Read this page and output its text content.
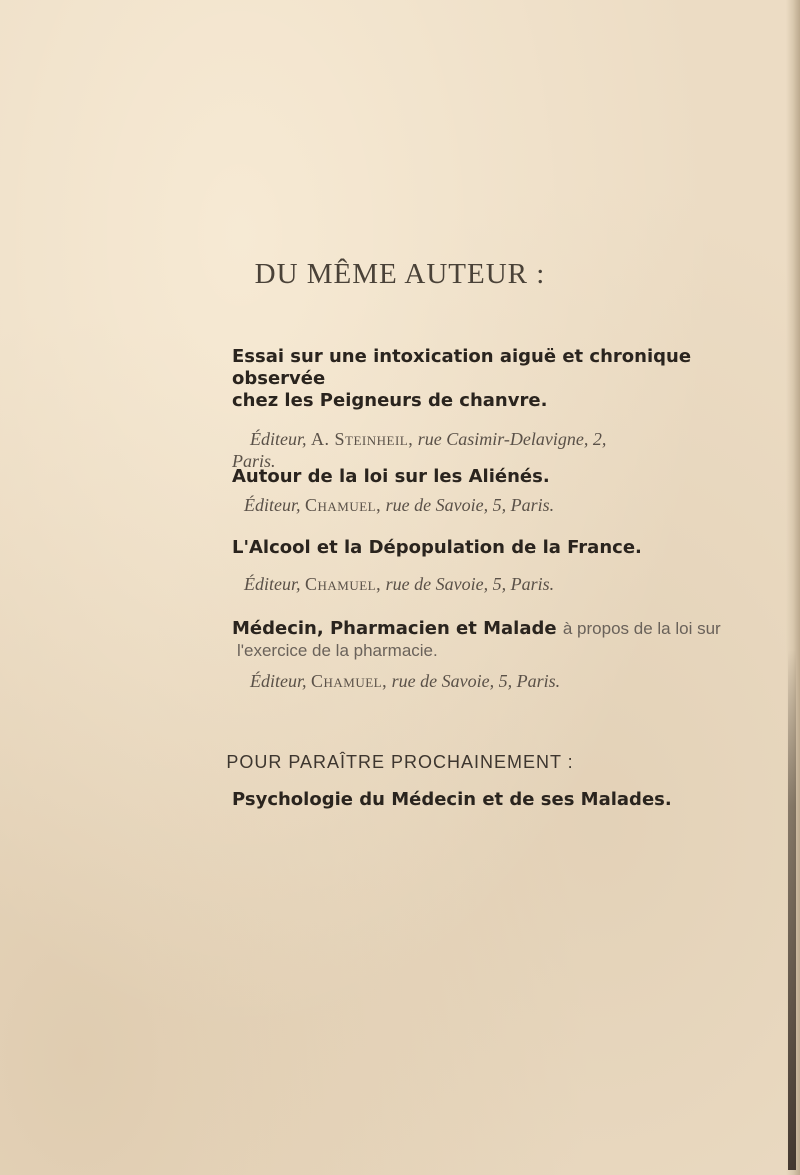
DU MÊME AUTEUR :

Essai sur une intoxication aiguë et chronique observée

chez les Peigneurs de chanvre.

Éditeur, A. Steinheil, rue Casimir-Delavigne, 2,

Paris.

Autour de la loi sur les Aliénés.

Éditeur, Chamuel, rue de Savoie, 5, Paris.

L'Alcool et la Dépopulation de la France.

Éditeur, Chamuel, rue de Savoie, 5, Paris.

Médecin, Pharmacien et Malade à propos de la loi sur

l'exercice de la pharmacie.

Éditeur, Chamuel, rue de Savoie, 5, Paris.

POUR PARAÎTRE PROCHAINEMENT :

Psychologie du Médecin et de ses Malades.
